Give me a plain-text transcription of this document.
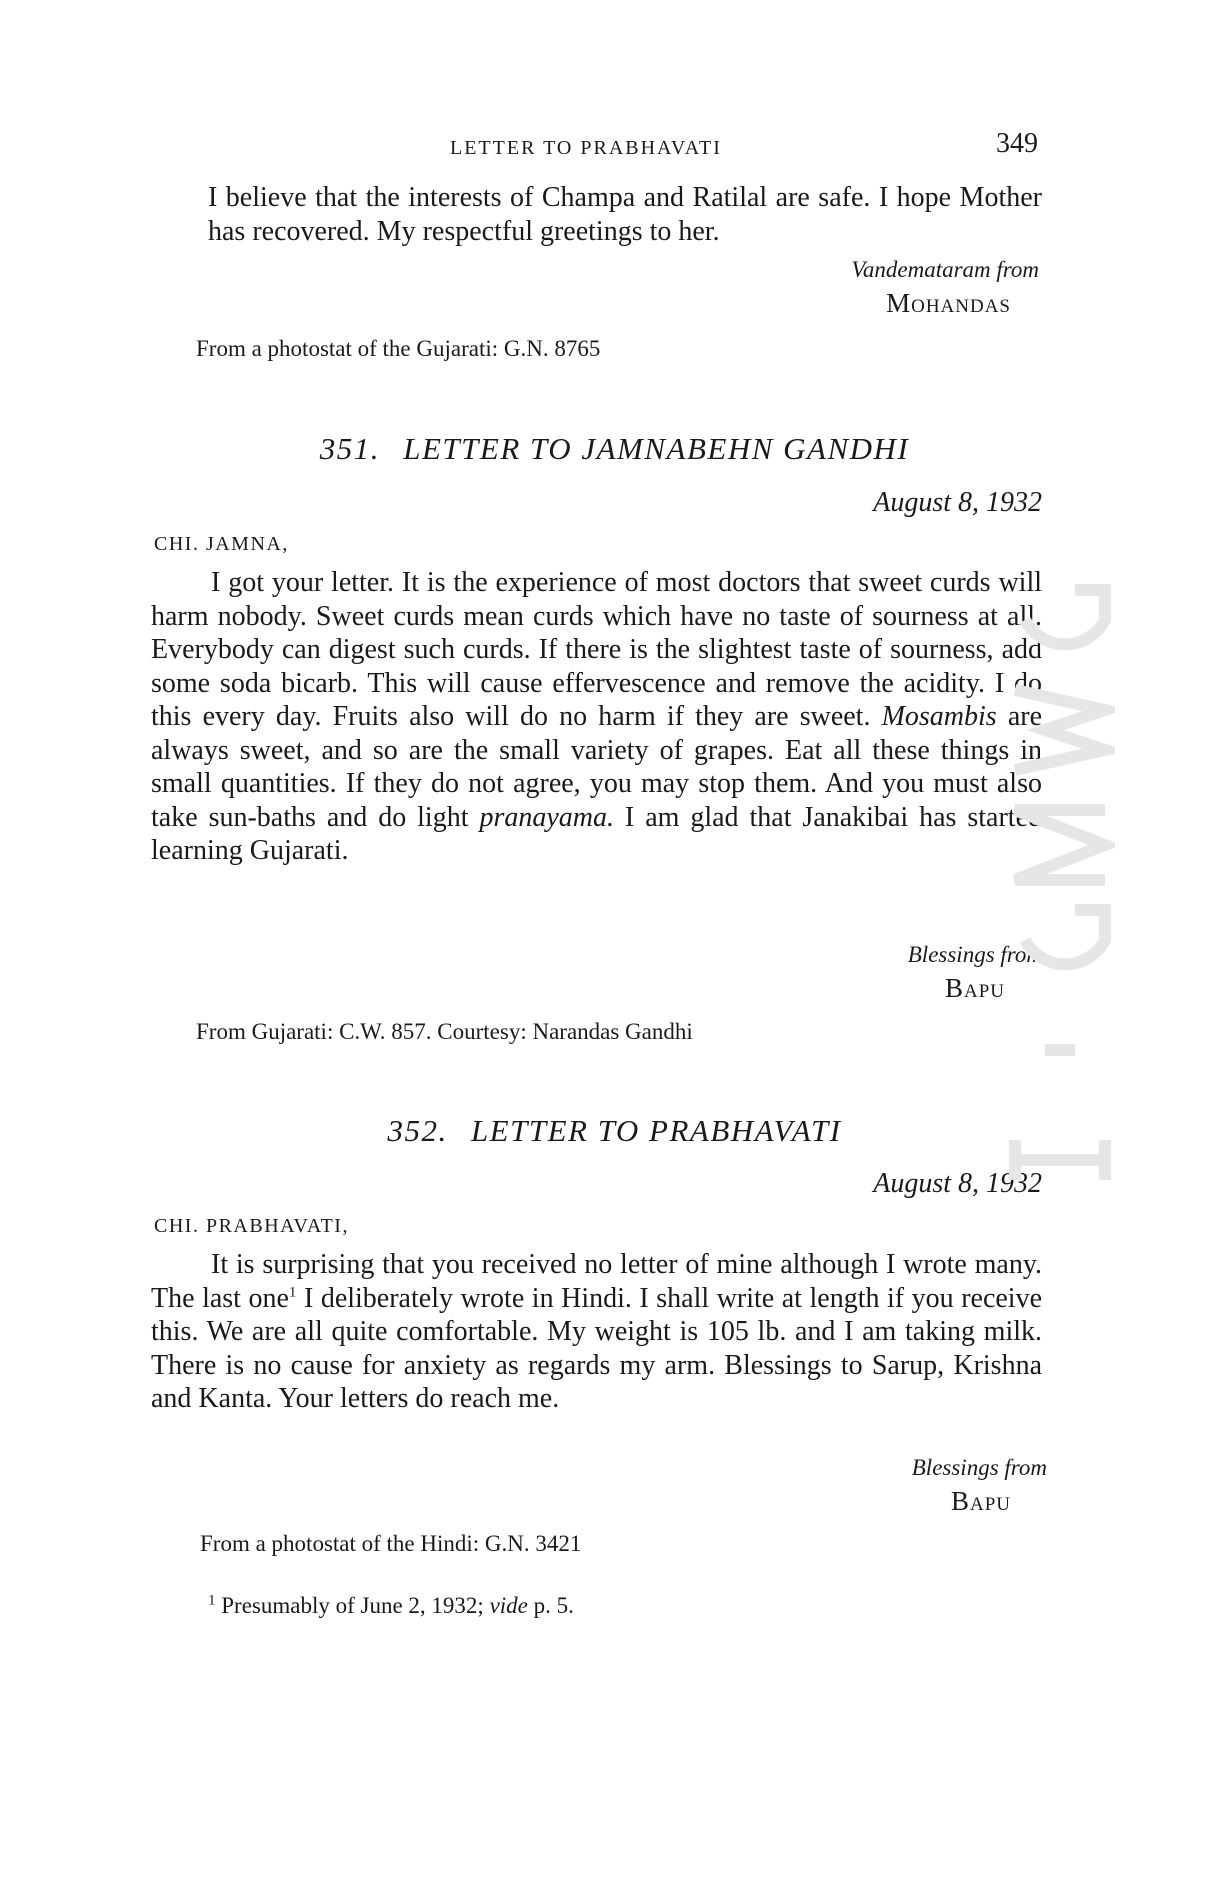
LETTER TO PRABHAVATI	349

I believe that the interests of Champa and Ratilal are safe. I hope Mother has recovered. My respectful greetings to her.

Vandemataram from
Mohandas
From a photostat of the Gujarati: G.N. 8765
351. LETTER TO JAMNABEHN GANDHI
August 8, 1932
CHI. JAMNA,

I got your letter. It is the experience of most doctors that sweet curds will harm nobody. Sweet curds mean curds which have no taste of sourness at all. Everybody can digest such curds. If there is the slightest taste of sourness, add some soda bicarb. This will cause effervescence and remove the acidity. I do this every day. Fruits also will do no harm if they are sweet. Mosambis are always sweet, and so are the small variety of grapes. Eat all these things in small quantities. If they do not agree, you may stop them. And you must also take sun-baths and do light pranayama. I am glad that Janakibai has started learning Gujarati.

Blessings from
Bapu
From Gujarati: C.W. 857. Courtesy: Narandas Gandhi
352. LETTER TO PRABHAVATI
August 8, 1932
CHI. PRABHAVATI,

It is surprising that you received no letter of mine although I wrote many. The last one$^1$ I deliberately wrote in Hindi. I shall write at length if you receive this. We are all quite comfortable. My weight is 105 lb. and I am taking milk. There is no cause for anxiety as regards my arm. Blessings to Sarup, Krishna and Kanta. Your letters do reach me.

Blessings from
Bapu
From a photostat of the Hindi: G.N. 3421
$^1$ Presumably of June 2, 1932; vide p. 5.
